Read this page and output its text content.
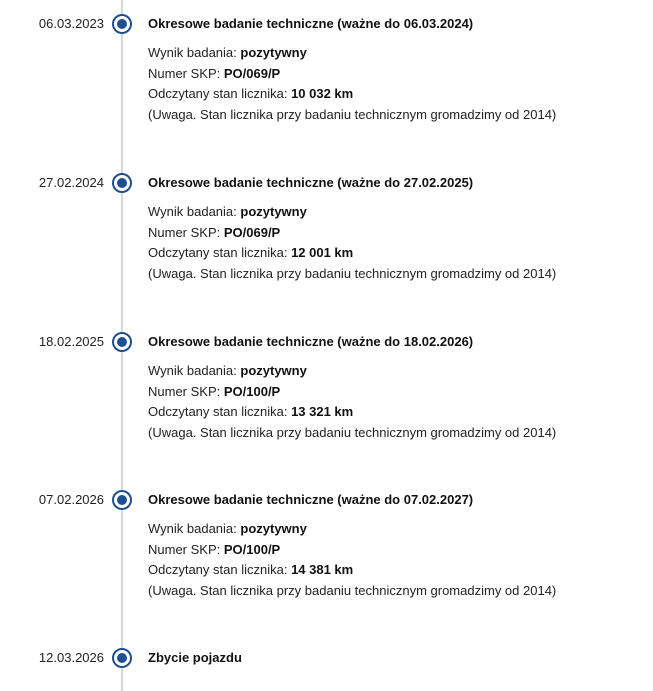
06.03.2023	Okresowe badanie techniczne (ważne do 06.03.2024)
Wynik badania: pozytywny
Numer SKP: PO/069/P
Odczytany stan licznika: 10 032 km
(Uwaga. Stan licznika przy badaniu technicznym gromadzimy od 2014)
27.02.2024	Okresowe badanie techniczne (ważne do 27.02.2025)
Wynik badania: pozytywny
Numer SKP: PO/069/P
Odczytany stan licznika: 12 001 km
(Uwaga. Stan licznika przy badaniu technicznym gromadzimy od 2014)
18.02.2025	Okresowe badanie techniczne (ważne do 18.02.2026)
Wynik badania: pozytywny
Numer SKP: PO/100/P
Odczytany stan licznika: 13 321 km
(Uwaga. Stan licznika przy badaniu technicznym gromadzimy od 2014)
07.02.2026	Okresowe badanie techniczne (ważne do 07.02.2027)
Wynik badania: pozytywny
Numer SKP: PO/100/P
Odczytany stan licznika: 14 381 km
(Uwaga. Stan licznika przy badaniu technicznym gromadzimy od 2014)
12.03.2026	Zbycie pojazdu
